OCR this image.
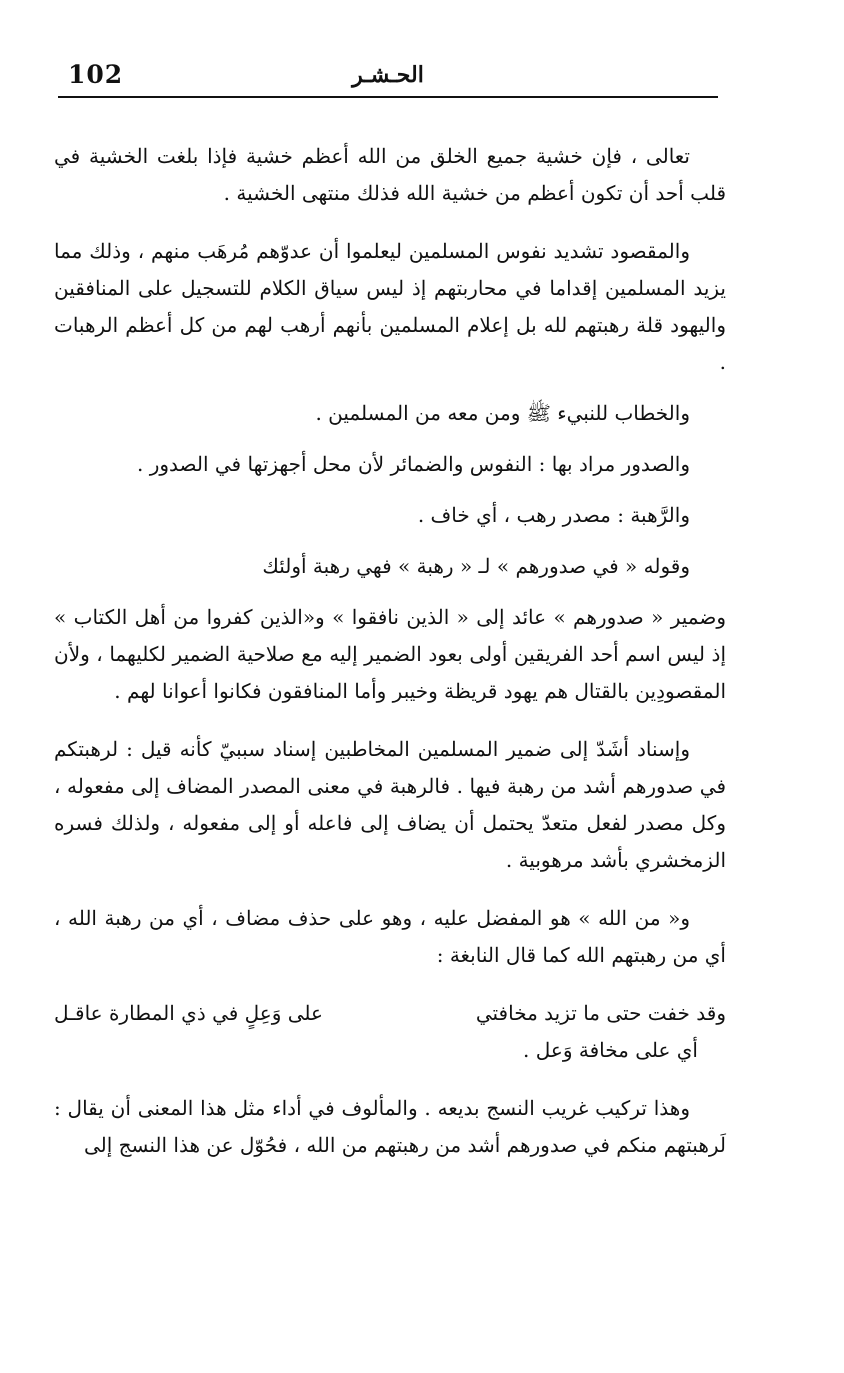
102	الحـشـر

تعالى ، فإن خشية جميع الخلق من الله أعظم خشية فإذا بلغت الخشية في قلب أحد أن تكون أعظم من خشية الله فذلك منتهى الخشية .

والمقصود تشديد نفوس المسلمين ليعلموا أن عدوّهم مُرهَب منهم ، وذلك مما يزيد المسلمين إقداما في محاربتهم إذ ليس سياق الكلام للتسجيل على المنافقين واليهود قلة رهبتهم لله بل إعلام المسلمين بأنهم أرهب لهم من كل أعظم الرهبات .

والخطاب للنبيء ﷺ ومن معه من المسلمين .

والصدور مراد بها : النفوس والضمائر لأن محل أجهزتها في الصدور .

والرَّهبة : مصدر رهب ، أي خاف .

وقوله « في صدورهم » لـ « رهبة » فهي رهبة أولئك

وضمير « صدورهم » عائد إلى « الذين نافقوا » و«الذين كفروا من أهل الكتاب » إذ ليس اسم أحد الفريقين أولى بعود الضمير إليه مع صلاحية الضمير لكليهما ، ولأن المقصودِين بالقتال هم يهود قريظة وخيبر وأما المنافقون فكانوا أعوانا لهم .

وإسناد أشَدّ إلى ضمير المسلمين المخاطبين إسناد سببيّ كأنه قيل : لرهبتكم في صدورهم أشد من رهبة فيها . فالرهبة في معنى المصدر المضاف إلى مفعوله ، وكل مصدر لفعل متعدّ يحتمل أن يضاف إلى فاعله أو إلى مفعوله ، ولذلك فسره الزمخشري بأشد مرهوبية .

و« من الله » هو المفضل عليه ، وهو على حذف مضاف ، أي من رهبة الله ، أي من رهبتهم الله كما قال النابغة :

وقد خفت حتى ما تزيد مخافتي
على وَعِلٍ في ذي المطارة عاقـل

أي على مخافة وَعل .

وهذا تركيب غريب النسج بديعه . والمألوف في أداء مثل هذا المعنى أن يقال : لَرهبتهم منكم في صدورهم أشد من رهبتهم من الله ، فحُوّل عن هذا النسج إلى
